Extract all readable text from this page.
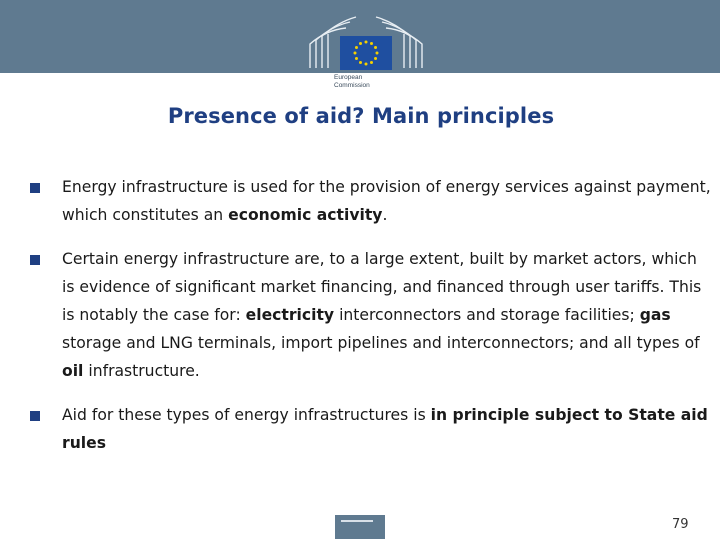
European
Commission
Presence of aid? Main principles
Energy infrastructure is used for the provision of energy services against payment, which constitutes an economic activity.
Certain energy infrastructure are, to a large extent, built by market actors, which is evidence of significant market financing, and financed through user tariffs. This is notably the case for: electricity interconnectors and storage facilities; gas storage and LNG terminals, import pipelines and interconnectors; and all types of oil infrastructure.
Aid for these types of energy infrastructures is in principle subject to State aid rules
79
